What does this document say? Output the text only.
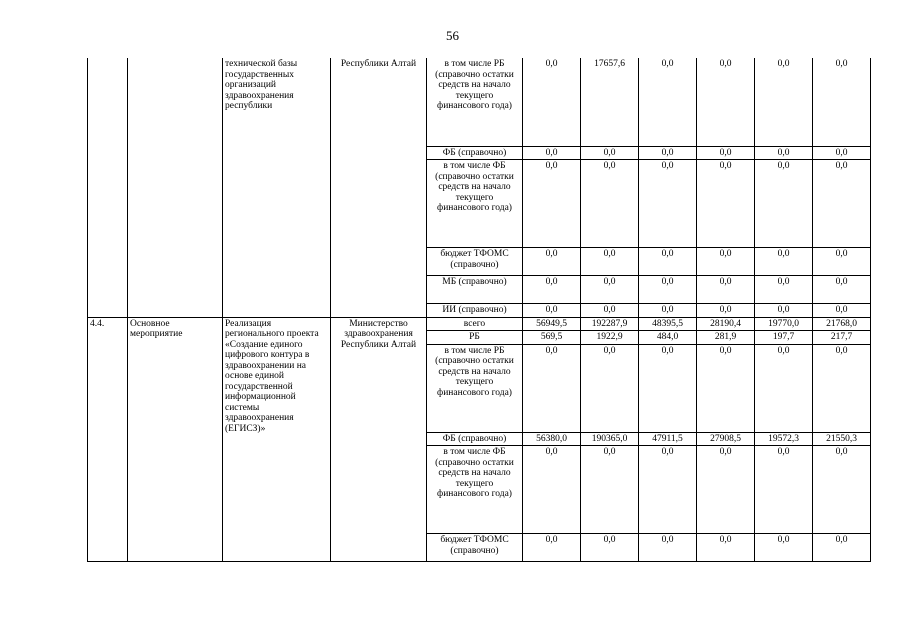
56
		технической базы государственных организаций здравоохранения республики	Республики Алтай	в том числе РБ (справочно остатки средств на начало текущего финансового года)	0,0	17657,6	0,0	0,0	0,0	0,0
				ФБ (справочно)	0,0	0,0	0,0	0,0	0,0	0,0
				в том числе ФБ (справочно остатки средств на начало текущего финансового года)	0,0	0,0	0,0	0,0	0,0	0,0
				бюджет ТФОМС (справочно)	0,0	0,0	0,0	0,0	0,0	0,0
				МБ (справочно)	0,0	0,0	0,0	0,0	0,0	0,0
				ИИ (справочно)	0,0	0,0	0,0	0,0	0,0	0,0
4.4.	Основное мероприятие	Реализация регионального проекта «Создание единого цифрового контура в здравоохранении на основе единой государственной информационной системы здравоохранения (ЕГИСЗ)»	Министерство здравоохранения Республики Алтай	всего	56949,5	192287,9	48395,5	28190,4	19770,0	21768,0
				РБ	569,5	1922,9	484,0	281,9	197,7	217,7
				в том числе РБ (справочно остатки средств на начало текущего финансового года)	0,0	0,0	0,0	0,0	0,0	0,0
				ФБ (справочно)	56380,0	190365,0	47911,5	27908,5	19572,3	21550,3
				в том числе ФБ (справочно остатки средств на начало текущего финансового года)	0,0	0,0	0,0	0,0	0,0	0,0
				бюджет ТФОМС (справочно)	0,0	0,0	0,0	0,0	0,0	0,0
